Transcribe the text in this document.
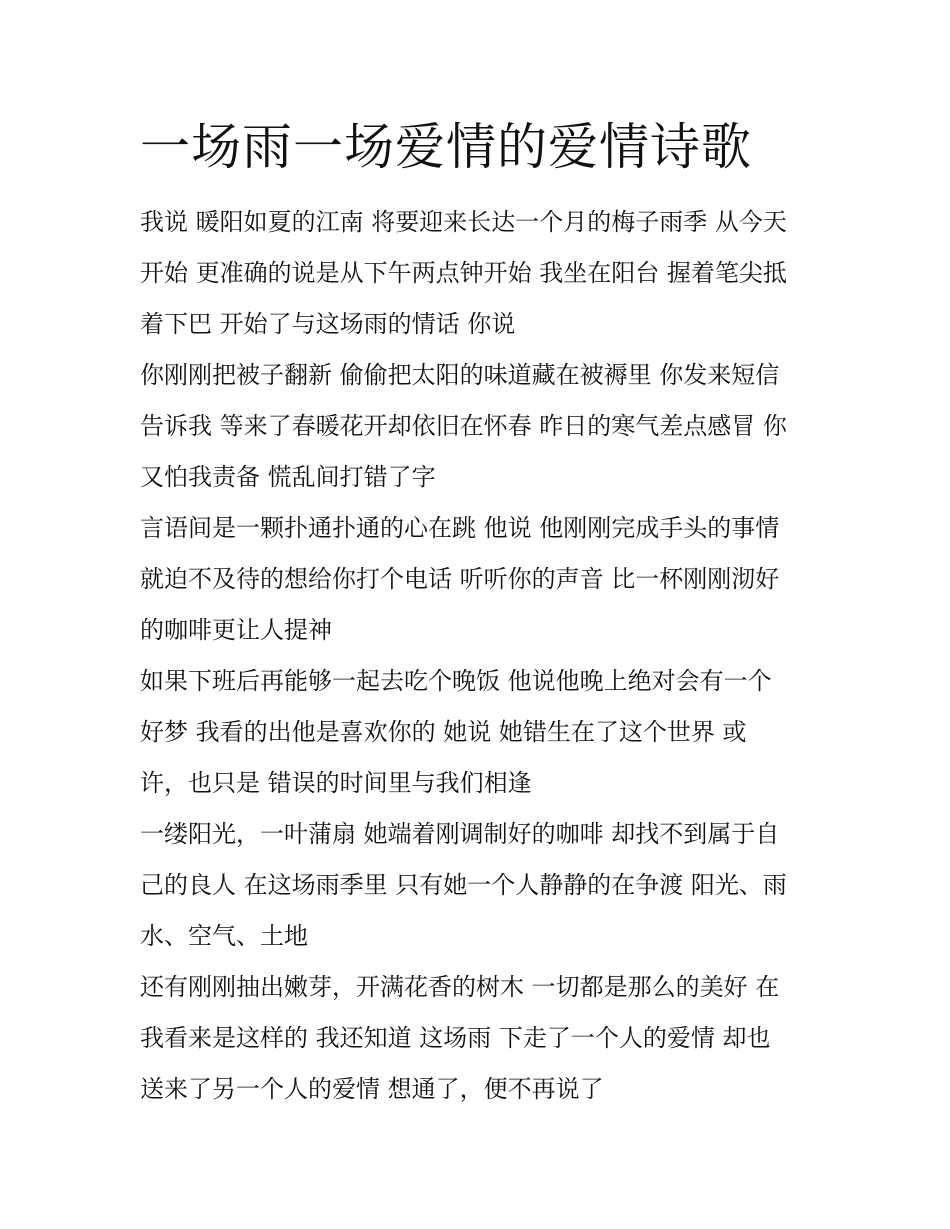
一场雨一场爱情的爱情诗歌
我说 暖阳如夏的江南 将要迎来长达一个月的梅子雨季 从今天
开始 更准确的说是从下午两点钟开始 我坐在阳台 握着笔尖抵
着下巴 开始了与这场雨的情话 你说
你刚刚把被子翻新 偷偷把太阳的味道藏在被褥里 你发来短信
告诉我 等来了春暖花开却依旧在怀春 昨日的寒气差点感冒 你
又怕我责备 慌乱间打错了字
言语间是一颗扑通扑通的心在跳 他说 他刚刚完成手头的事情
就迫不及待的想给你打个电话 听听你的声音 比一杯刚刚沏好
的咖啡更让人提神
如果下班后再能够一起去吃个晚饭 他说他晚上绝对会有一个
好梦 我看的出他是喜欢你的 她说 她错生在了这个世界 或
许，也只是 错误的时间里与我们相逢
一缕阳光，一叶蒲扇 她端着刚调制好的咖啡 却找不到属于自
己的良人 在这场雨季里 只有她一个人静静的在争渡 阳光、雨
水、空气、土地
还有刚刚抽出嫩芽，开满花香的树木 一切都是那么的美好 在
我看来是这样的 我还知道 这场雨 下走了一个人的爱情 却也
送来了另一个人的爱情 想通了，便不再说了
